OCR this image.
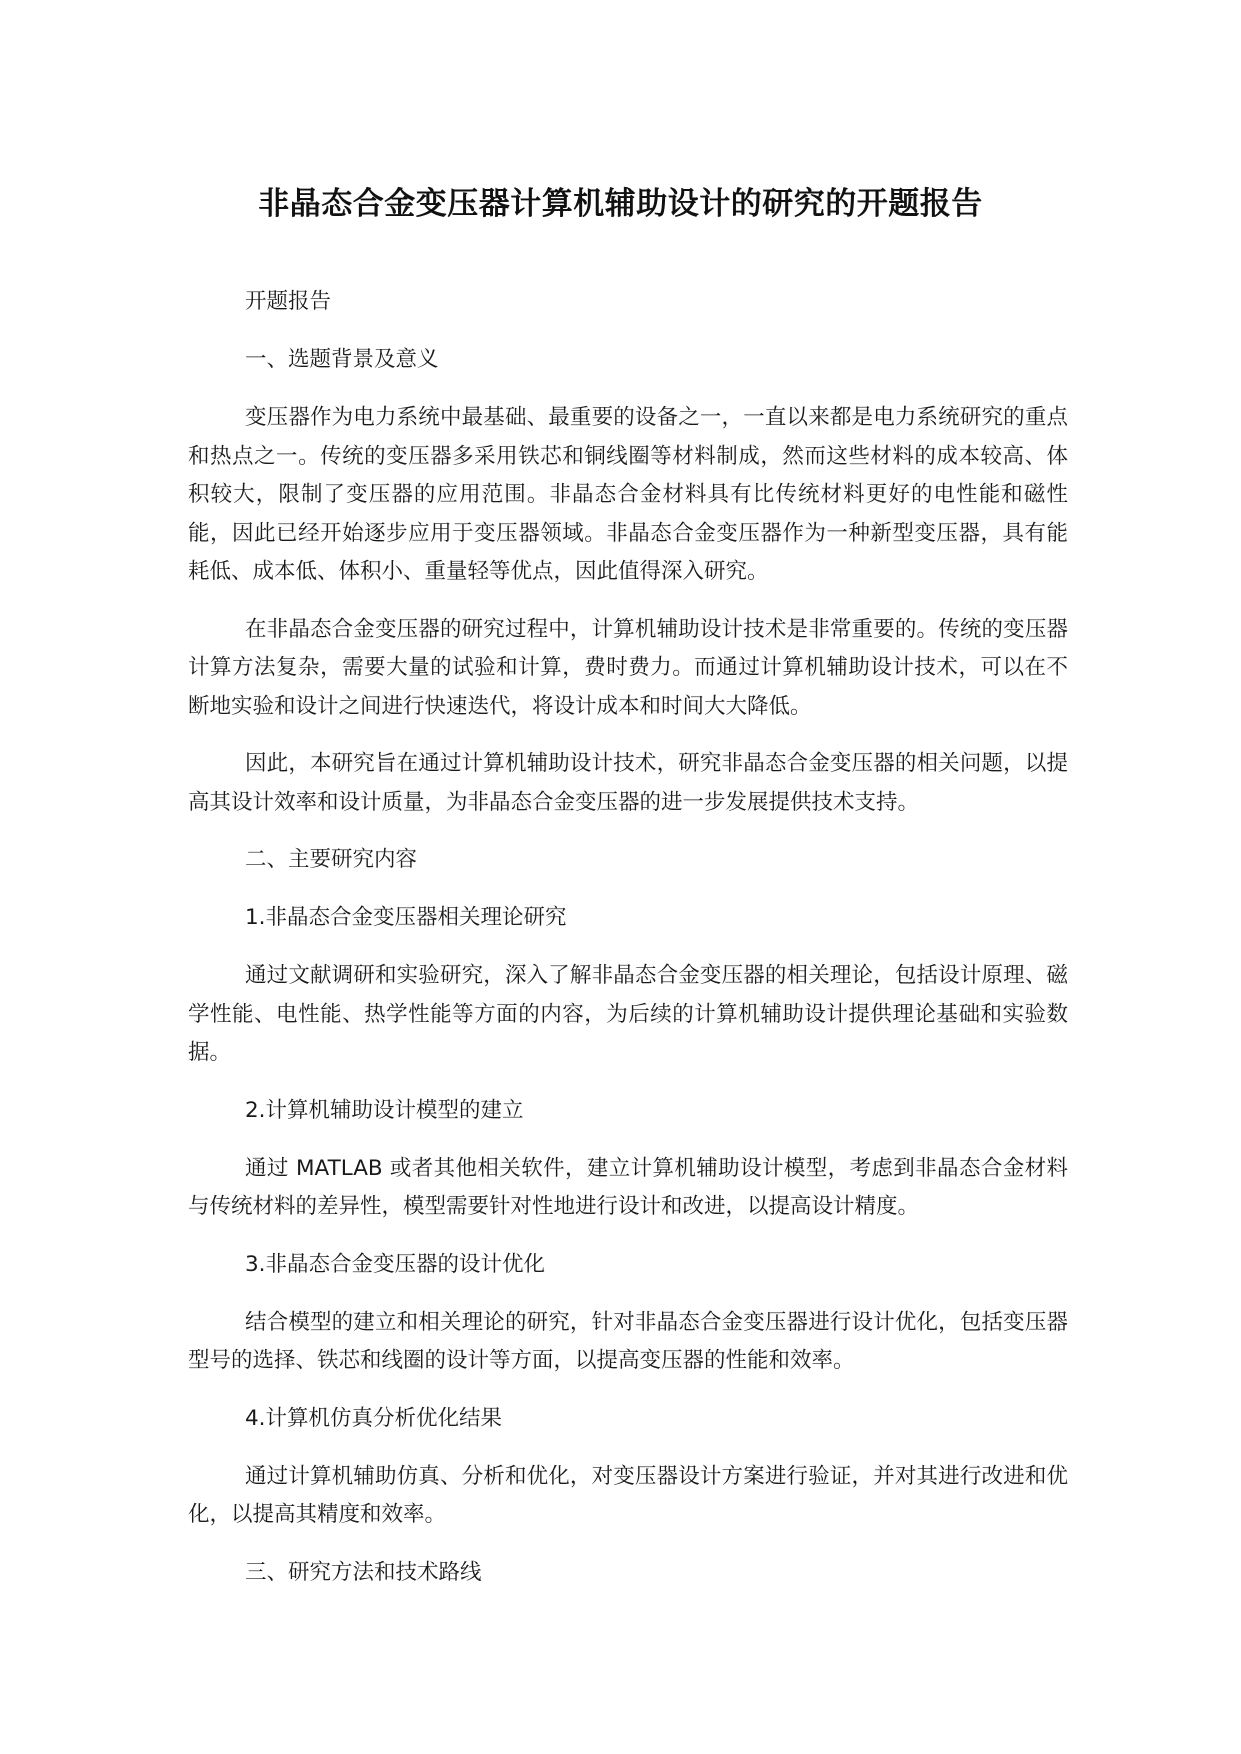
非晶态合金变压器计算机辅助设计的研究的开题报告
开题报告
一、选题背景及意义
变压器作为电力系统中最基础、最重要的设备之一，一直以来都是电力系统研究的重点和热点之一。传统的变压器多采用铁芯和铜线圈等材料制成，然而这些材料的成本较高、体积较大，限制了变压器的应用范围。非晶态合金材料具有比传统材料更好的电性能和磁性能，因此已经开始逐步应用于变压器领域。非晶态合金变压器作为一种新型变压器，具有能耗低、成本低、体积小、重量轻等优点，因此值得深入研究。
在非晶态合金变压器的研究过程中，计算机辅助设计技术是非常重要的。传统的变压器计算方法复杂，需要大量的试验和计算，费时费力。而通过计算机辅助设计技术，可以在不断地实验和设计之间进行快速迭代，将设计成本和时间大大降低。
因此，本研究旨在通过计算机辅助设计技术，研究非晶态合金变压器的相关问题，以提高其设计效率和设计质量，为非晶态合金变压器的进一步发展提供技术支持。
二、主要研究内容
1.非晶态合金变压器相关理论研究
通过文献调研和实验研究，深入了解非晶态合金变压器的相关理论，包括设计原理、磁学性能、电性能、热学性能等方面的内容，为后续的计算机辅助设计提供理论基础和实验数据。
2.计算机辅助设计模型的建立
通过 MATLAB 或者其他相关软件，建立计算机辅助设计模型，考虑到非晶态合金材料与传统材料的差异性，模型需要针对性地进行设计和改进，以提高设计精度。
3.非晶态合金变压器的设计优化
结合模型的建立和相关理论的研究，针对非晶态合金变压器进行设计优化，包括变压器型号的选择、铁芯和线圈的设计等方面，以提高变压器的性能和效率。
4.计算机仿真分析优化结果
通过计算机辅助仿真、分析和优化，对变压器设计方案进行验证，并对其进行改进和优化，以提高其精度和效率。
三、研究方法和技术路线
